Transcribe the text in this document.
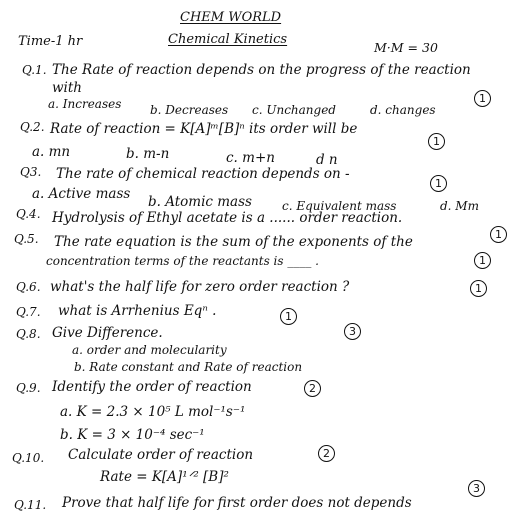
CHEM WORLD
Time-1 hr	Chemical Kinetics
M·M = 30
Q.1. The Rate of reaction depends on the progress of the reaction
with
a. Increases b. Decreases c. Unchanged	d. changes
1
Q.2. Rate of reaction = K[A]ᵐ[B]ⁿ its order will be
1
a. mn	b. m-n	c. m+n	d n
Q3. The rate of chemical reaction depends on -
1
a. Active mass b. Atomic mass	c. Equivalent mass	d. Mm
Q.4. Hydrolysis of Ethyl acetate is a ...... order reaction.
1
Q.5. The rate equation is the sum of the exponents of the
concentration terms of the reactants is ____ .	1
Q.6. what's the half life for zero order reaction ?	1
Q.7. what is Arrhenius Eqⁿ .	1
Q.8. Give Difference.	3
a. order and molecularity
b. Rate constant and Rate of reaction
Q.9. Identify the order of reaction	2
a. K = 2.3 × 10⁵ L mol⁻¹s⁻¹
b. K = 3 × 10⁻⁴ sec⁻¹
Q.10. Calculate order of reaction	2
Rate = K[A]¹ᐟ² [B]²
Q.11. Prove that half life for first order does not depends
3
